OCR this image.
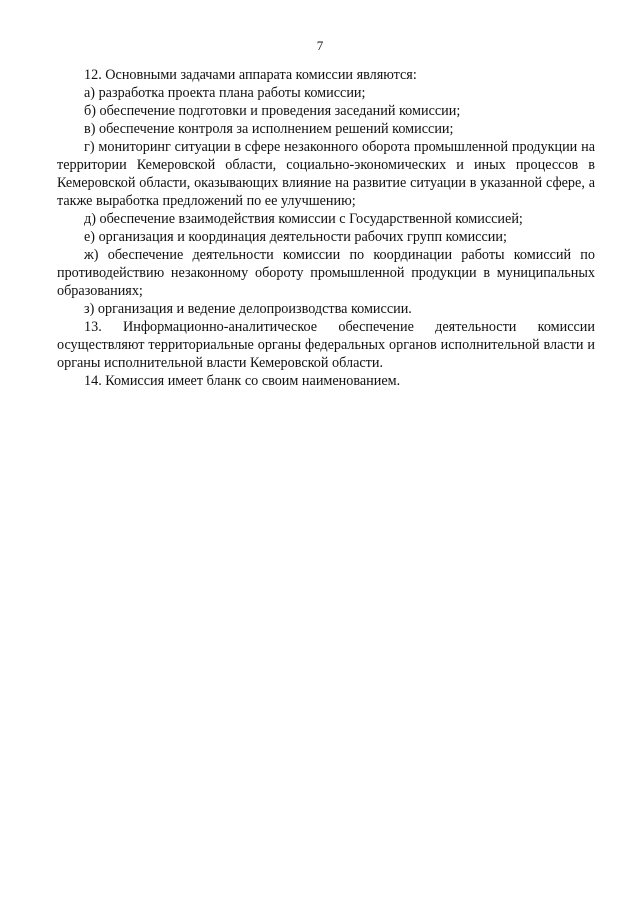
7

12. Основными задачами аппарата комиссии являются:

а) разработка проекта плана работы комиссии;

б) обеспечение подготовки и проведения заседаний комиссии;

в) обеспечение контроля за исполнением решений комиссии;

г) мониторинг ситуации в сфере незаконного оборота промышленной продукции на территории Кемеровской области, социально-экономических и иных процессов в Кемеровской области, оказывающих влияние на развитие ситуации в указанной сфере, а также выработка предложений по ее улучшению;

д) обеспечение взаимодействия комиссии с Государственной комиссией;

е) организация и координация деятельности рабочих групп комиссии;

ж) обеспечение деятельности комиссии по координации работы комиссий по противодействию незаконному обороту промышленной продукции в муниципальных образованиях;

з) организация и ведение делопроизводства комиссии.

13. Информационно-аналитическое обеспечение деятельности комиссии осуществляют территориальные органы федеральных органов исполнительной власти и органы исполнительной власти Кемеровской области.

14. Комиссия имеет бланк со своим наименованием.
